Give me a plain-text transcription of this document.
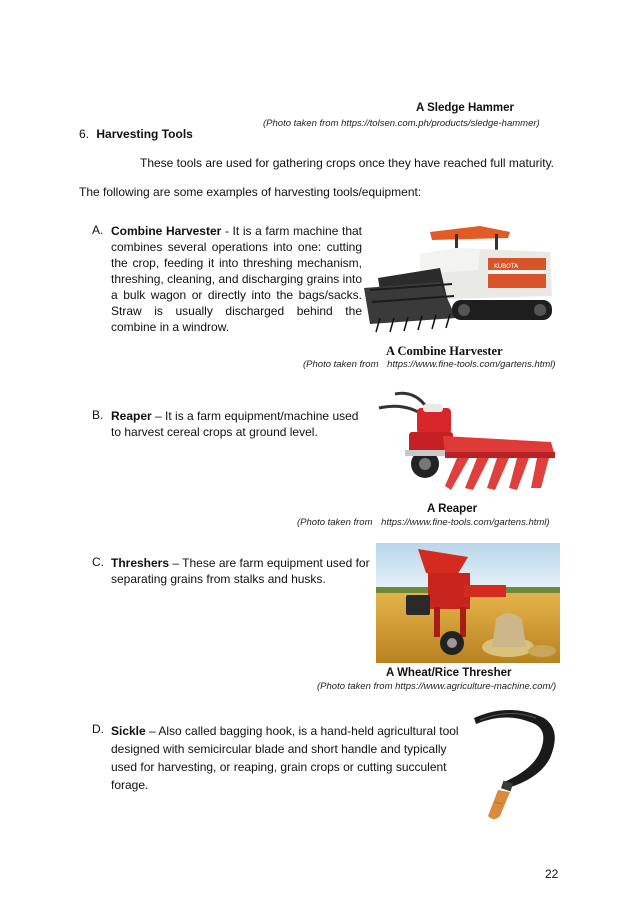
A Sledge Hammer
(Photo taken from https://tolsen.com.ph/products/sledge-hammer)
6. Harvesting Tools
These tools are used for gathering crops once they have reached full maturity.
The following are some examples of harvesting tools/equipment:
A. Combine Harvester - It is a farm machine that combines several operations into one: cutting the crop, feeding it into threshing mechanism, threshing, cleaning, and discharging grains into a bulk wagon or directly into the bags/sacks. Straw is usually discharged behind the combine in a windrow.
KUBOTA
A Combine Harvester
(Photo taken from https://www.fine-tools.com/gartens.html)
B. Reaper – It is a farm equipment/machine used to harvest cereal crops at ground level.
A Reaper
(Photo taken from https://www.fine-tools.com/gartens.html)
C. Threshers – These are farm equipment used for separating grains from stalks and husks.
A Wheat/Rice Thresher
(Photo taken from https://www.agriculture-machine.com/)
D. Sickle – Also called bagging hook, is a hand-held agricultural tool designed with semicircular blade and short handle and typically used for harvesting, or reaping, grain crops or cutting succulent forage.
22
